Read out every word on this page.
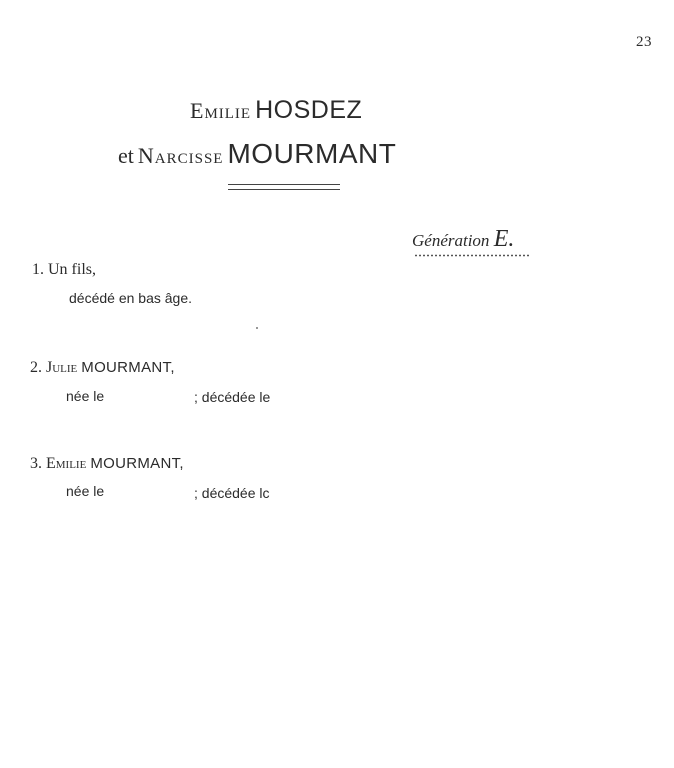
23
Emilie HOSDEZ
et Narcisse MOURMANT
Génération E.
1. Un fils,
décédé en bas âge.
2. Julie MOURMANT,
née le	; décédée le
3. Emilie MOURMANT,
née le	; décédée lc
